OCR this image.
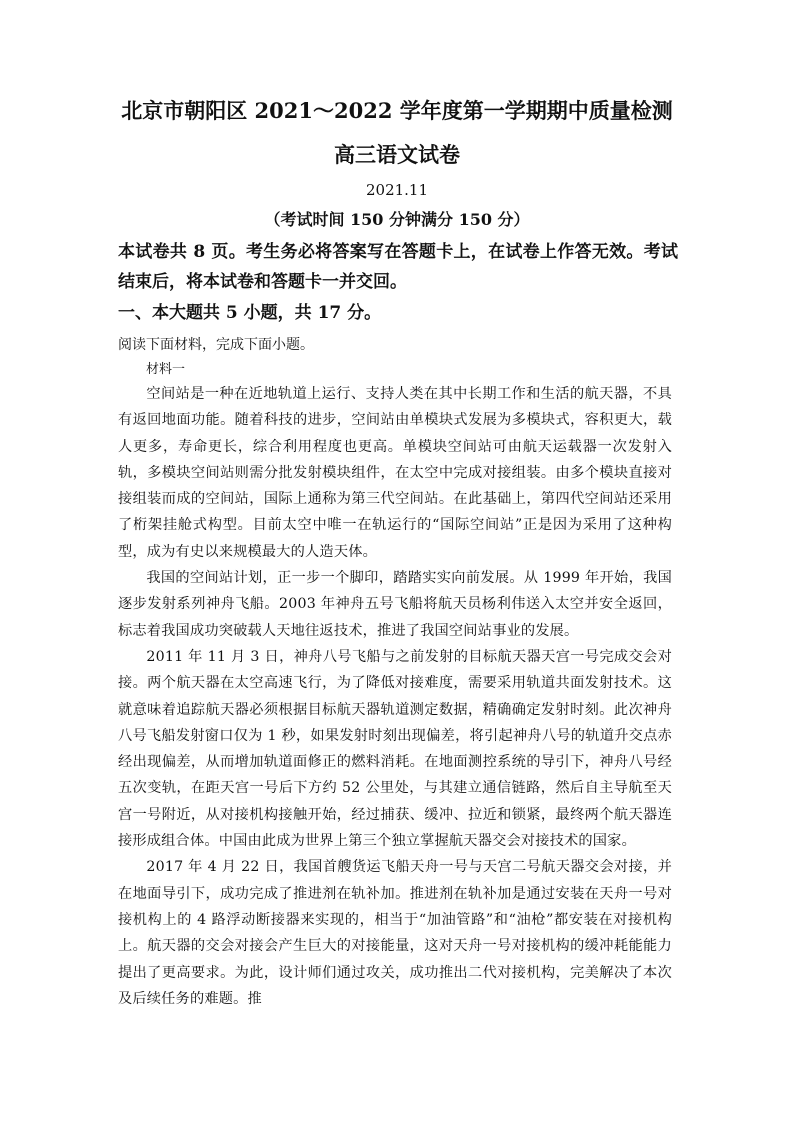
北京市朝阳区 2021～2022 学年度第一学期期中质量检测
高三语文试卷
2021.11
（考试时间 150 分钟满分 150 分）
本试卷共 8 页。考生务必将答案写在答题卡上，在试卷上作答无效。考试结束后，将本试卷和答题卡一并交回。
一、本大题共 5 小题，共 17 分。
阅读下面材料，完成下面小题。
材料一

空间站是一种在近地轨道上运行、支持人类在其中长期工作和生活的航天器，不具有返回地面功能。随着科技的进步，空间站由单模块式发展为多模块式，容积更大，载人更多，寿命更长，综合利用程度也更高。单模块空间站可由航天运载器一次发射入轨，多模块空间站则需分批发射模块组件，在太空中完成对接组装。由多个模块直接对接组装而成的空间站，国际上通称为第三代空间站。在此基础上，第四代空间站还采用了桁架挂舱式构型。目前太空中唯一在轨运行的“国际空间站”正是因为采用了这种构型，成为有史以来规模最大的人造天体。

我国的空间站计划，正一步一个脚印，踏踏实实向前发展。从 1999 年开始，我国逐步发射系列神舟飞船。2003 年神舟五号飞船将航天员杨利伟送入太空并安全返回，标志着我国成功突破载人天地往返技术，推进了我国空间站事业的发展。

2011 年 11 月 3 日，神舟八号飞船与之前发射的目标航天器天宫一号完成交会对接。两个航天器在太空高速飞行，为了降低对接难度，需要采用轨道共面发射技术。这就意味着追踪航天器必须根据目标航天器轨道测定数据，精确确定发射时刻。此次神舟八号飞船发射窗口仅为 1 秒，如果发射时刻出现偏差，将引起神舟八号的轨道升交点赤经出现偏差，从而增加轨道面修正的燃料消耗。在地面测控系统的导引下，神舟八号经五次变轨，在距天宫一号后下方约 52 公里处，与其建立通信链路，然后自主导航至天宫一号附近，从对接机构接触开始，经过捕获、缓冲、拉近和锁紧，最终两个航天器连接形成组合体。中国由此成为世界上第三个独立掌握航天器交会对接技术的国家。

2017 年 4 月 22 日，我国首艘货运飞船天舟一号与天宫二号航天器交会对接，并在地面导引下，成功完成了推进剂在轨补加。推进剂在轨补加是通过安装在天舟一号对接机构上的 4 路浮动断接器来实现的，相当于“加油管路”和“油枪”都安装在对接机构上。航天器的交会对接会产生巨大的对接能量，这对天舟一号对接机构的缓冲耗能能力提出了更高要求。为此，设计师们通过攻关，成功推出二代对接机构，完美解决了本次及后续任务的难题。推
